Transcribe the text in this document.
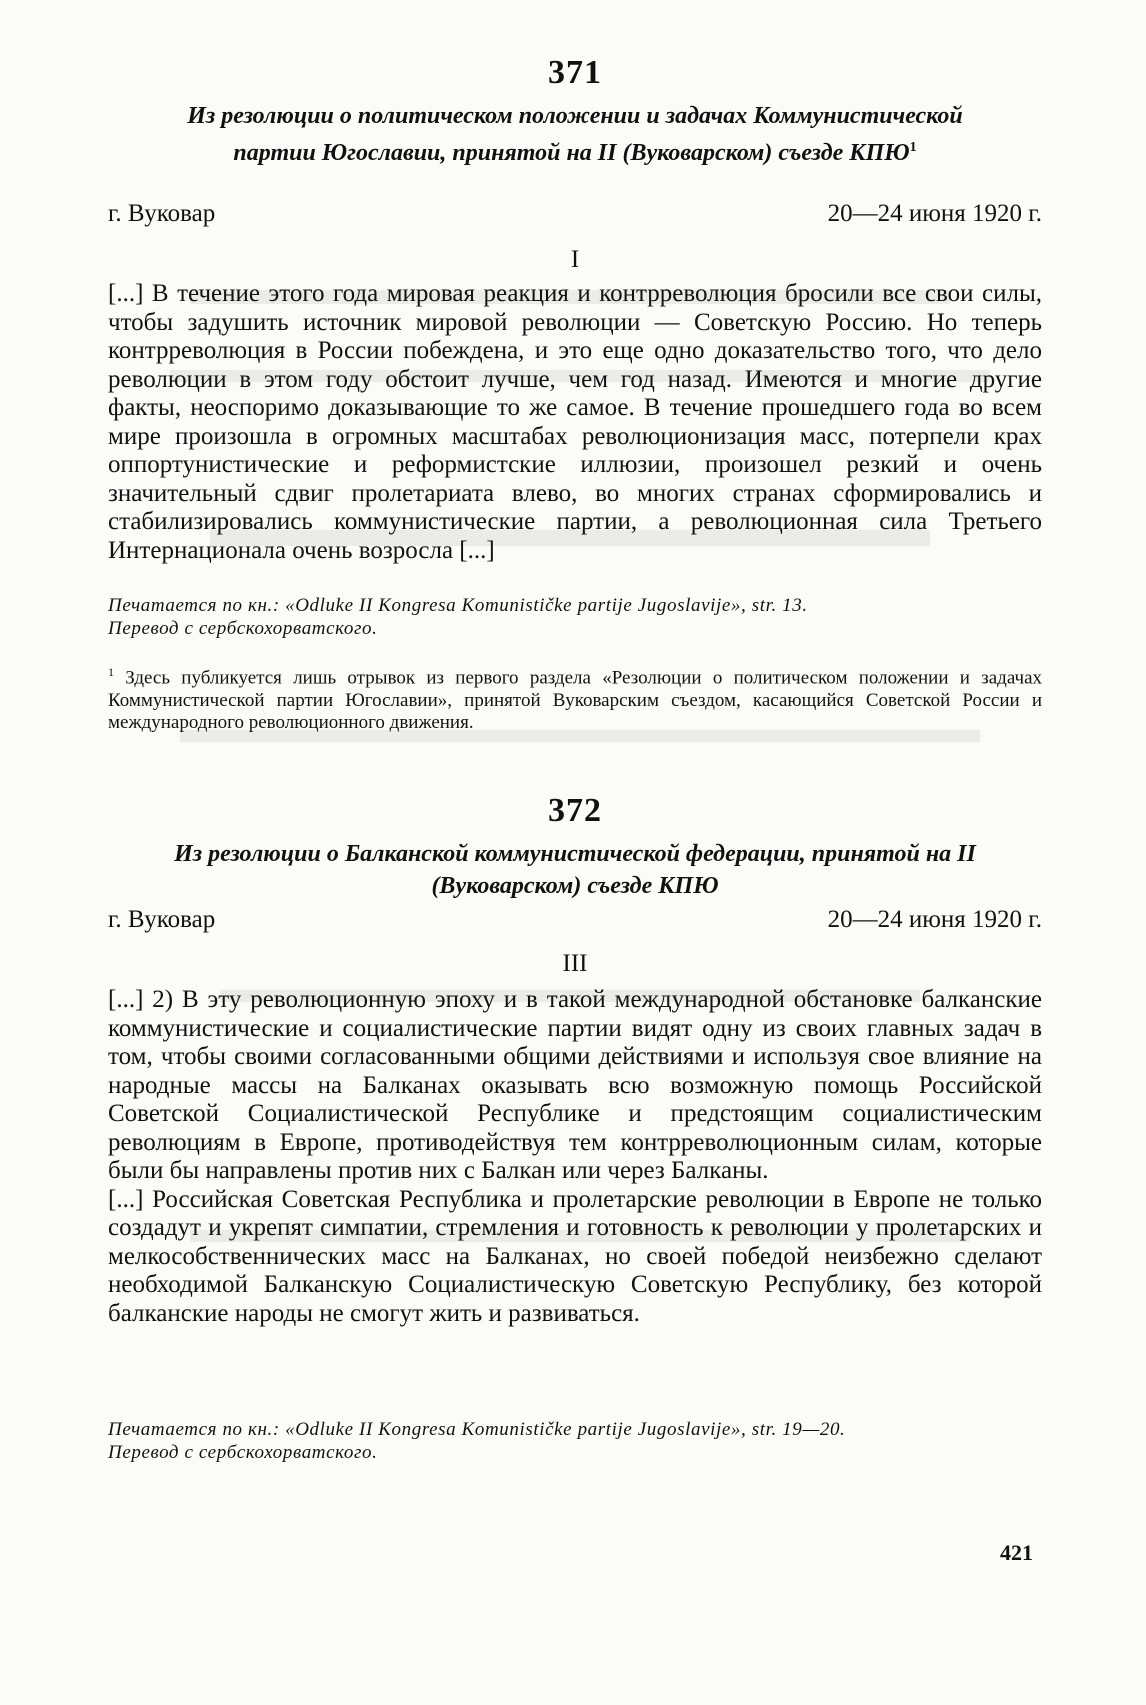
371
Из резолюции о политическом положении и задачах Коммунистической партии Югославии, принятой на II (Вуковарском) съезде КПЮ$^1$
г. Вуковар	20—24 июня 1920 г.
I

[...] В течение этого года мировая реакция и контрреволюция бросили все свои силы, чтобы задушить источник мировой революции — Советскую Россию. Но теперь контрреволюция в России побеждена, и это еще одно доказательство того, что дело революции в этом году обстоит лучше, чем год назад. Имеются и многие другие факты, неоспоримо доказывающие то же самое. В течение прошедшего года во всем мире произошла в огромных масштабах революционизация масс, потерпели крах оппортунистические и реформистские иллюзии, произошел резкий и очень значительный сдвиг пролетариата влево, во многих странах сформировались и стабилизировались коммунистические партии, а революционная сила Третьего Интернационала очень возросла [...]

Печатается по кн.: «Odluke II Kongresa Komunističke partije Jugoslavije», str. 13.
Перевод с сербскохорватского.
$^1$ Здесь публикуется лишь отрывок из первого раздела «Резолюции о политическом положении и задачах Коммунистической партии Югославии», принятой Вуковарским съездом, касающийся Советской России и международного революционного движения.
372
Из резолюции о Балканской коммунистической федерации, принятой на II (Вуковарском) съезде КПЮ
г. Вуковар	20—24 июня 1920 г.
III

[...] 2) В эту революционную эпоху и в такой международной обстановке балканские коммунистические и социалистические партии видят одну из своих главных задач в том, чтобы своими согласованными общими действиями и используя свое влияние на народные массы на Балканах оказывать всю возможную помощь Российской Советской Социалистической Республике и предстоящим социалистическим революциям в Европе, противодействуя тем контрреволюционным силам, которые были бы направлены против них с Балкан или через Балканы.

[...] Российская Советская Республика и пролетарские революции в Европе не только создадут и укрепят симпатии, стремления и готовность к революции у пролетарских и мелкособственнических масс на Балканах, но своей победой неизбежно сделают необходимой Балканскую Социалистическую Советскую Республику, без которой балканские народы не смогут жить и развиваться.

Печатается по кн.: «Odluke II Kongresa Komunističke partije Jugoslavije», str. 19—20.
Перевод с сербскохорватского.
421
